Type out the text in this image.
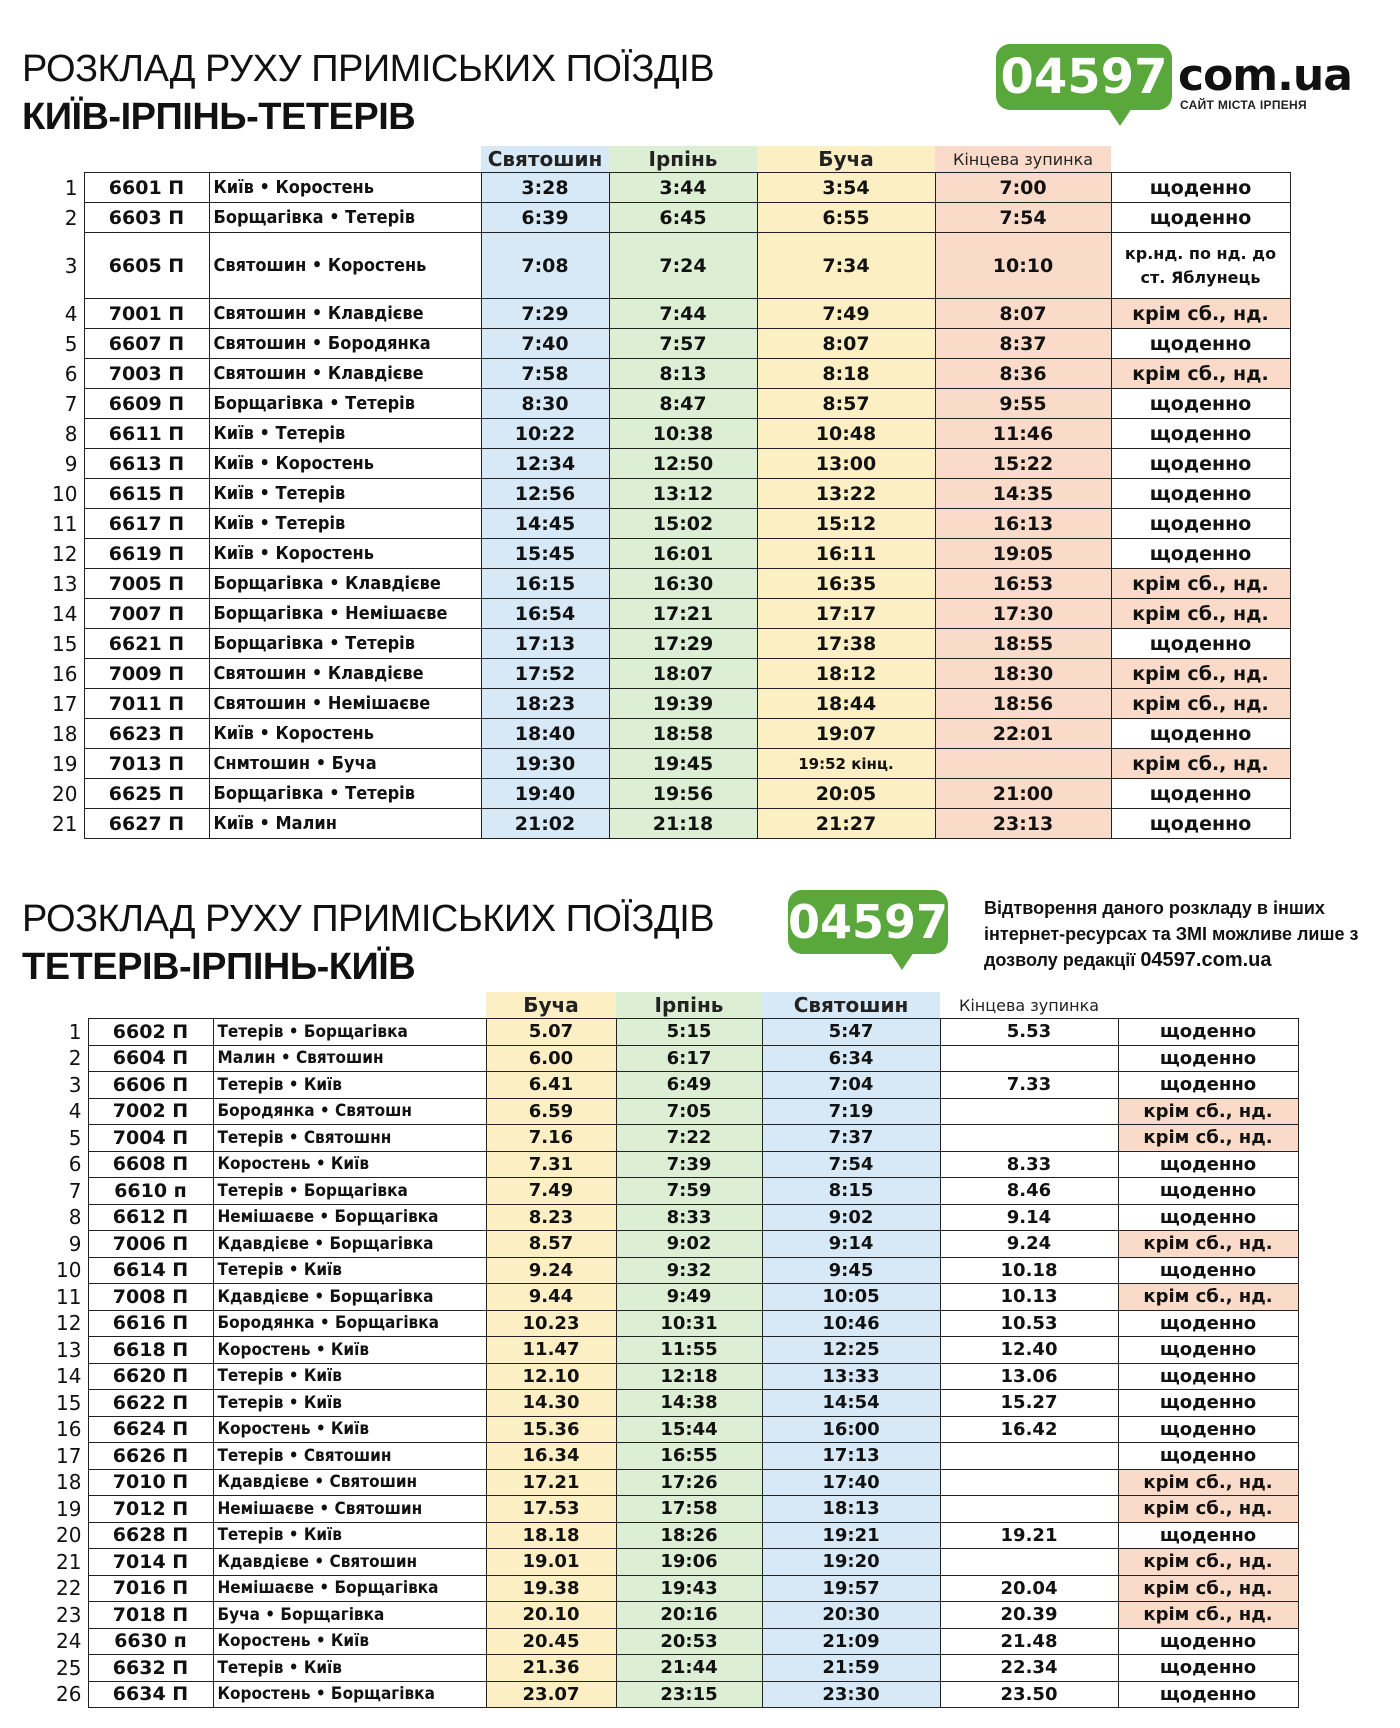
РОЗКЛАД РУХУ ПРИМІСЬКИХ ПОЇЗДІВ
КИЇВ-ІРПІНЬ-ТЕТЕРІВ
04597 com.ua
САЙТ МІСТА ІРПЕНЯ
			Святошин	Ірпінь	Буча	Кінцева зупинка	
1	6601 П	Київ • Коростень	3:28	3:44	3:54	7:00	щоденно
2	6603 П	Борщагівка • Тетерів	6:39	6:45	6:55	7:54	щоденно
3	6605 П	Святошин • Коростень	7:08	7:24	7:34	10:10	кр.нд. по нд. до ст. Яблунець
4	7001 П	Святошин • Клавдієве	7:29	7:44	7:49	8:07	крім сб., нд.
5	6607 П	Святошин • Бородянка	7:40	7:57	8:07	8:37	щоденно
6	7003 П	Святошин • Клавдієве	7:58	8:13	8:18	8:36	крім сб., нд.
7	6609 П	Борщагівка • Тетерів	8:30	8:47	8:57	9:55	щоденно
8	6611 П	Київ • Тетерів	10:22	10:38	10:48	11:46	щоденно
9	6613 П	Київ • Коростень	12:34	12:50	13:00	15:22	щоденно
10	6615 П	Київ • Тетерів	12:56	13:12	13:22	14:35	щоденно
11	6617 П	Київ • Тетерів	14:45	15:02	15:12	16:13	щоденно
12	6619 П	Київ • Коростень	15:45	16:01	16:11	19:05	щоденно
13	7005 П	Борщагівка • Клавдієве	16:15	16:30	16:35	16:53	крім сб., нд.
14	7007 П	Борщагівка • Немішаєве	16:54	17:21	17:17	17:30	крім сб., нд.
15	6621 П	Борщагівка • Тетерів	17:13	17:29	17:38	18:55	щоденно
16	7009 П	Святошин • Клавдієве	17:52	18:07	18:12	18:30	крім сб., нд.
17	7011 П	Святошин • Немішаєве	18:23	19:39	18:44	18:56	крім сб., нд.
18	6623 П	Київ • Коростень	18:40	18:58	19:07	22:01	щоденно
19	7013 П	Снмтошин • Буча	19:30	19:45	19:52 кінц.		крім сб., нд.
20	6625 П	Борщагівка • Тетерів	19:40	19:56	20:05	21:00	щоденно
21	6627 П	Київ • Малин	21:02	21:18	21:27	23:13	щоденно
РОЗКЛАД РУХУ ПРИМІСЬКИХ ПОЇЗДІВ
ТЕТЕРІВ-ІРПІНЬ-КИЇВ
04597 Відтворення даного розкладу в інших інтернет-ресурсах та ЗМІ можливе лише з дозволу редакції 04597.com.ua
			Буча	Ірпінь	Святошин	Кінцева зупинка	
1	6602 П	Тетерів • Борщагівка	5.07	5:15	5:47	5.53	щоденно
2	6604 П	Малин • Святошин	6.00	6:17	6:34		щоденно
3	6606 П	Тетерів • Київ	6.41	6:49	7:04	7.33	щоденно
4	7002 П	Бородянка • Святошн	6.59	7:05	7:19		крім сб., нд.
5	7004 П	Тетерів • Святошнн	7.16	7:22	7:37		крім сб., нд.
6	6608 П	Коростень • Київ	7.31	7:39	7:54	8.33	щоденно
7	6610 п	Тетерів • Борщагівка	7.49	7:59	8:15	8.46	щоденно
8	6612 П	Немішаєве • Борщагівка	8.23	8:33	9:02	9.14	щоденно
9	7006 П	Кдавдієве • Борщагівка	8.57	9:02	9:14	9.24	крім сб., нд.
10	6614 П	Тетерів • Київ	9.24	9:32	9:45	10.18	щоденно
11	7008 П	Кдавдієве • Борщагівка	9.44	9:49	10:05	10.13	крім сб., нд.
12	6616 П	Бородянка • Борщагівка	10.23	10:31	10:46	10.53	щоденно
13	6618 П	Коростень • Київ	11.47	11:55	12:25	12.40	щоденно
14	6620 П	Тетерів • Київ	12.10	12:18	13:33	13.06	щоденно
15	6622 П	Тетерів • Київ	14.30	14:38	14:54	15.27	щоденно
16	6624 П	Коростень • Київ	15.36	15:44	16:00	16.42	щоденно
17	6626 П	Тетерів • Святошин	16.34	16:55	17:13		щоденно
18	7010 П	Кдавдієве • Святошин	17.21	17:26	17:40		крім сб., нд.
19	7012 П	Немішаєве • Святошин	17.53	17:58	18:13		крім сб., нд.
20	6628 П	Тетерів • Київ	18.18	18:26	19:21	19.21	щоденно
21	7014 П	Кдавдієве • Святошин	19.01	19:06	19:20		крім сб., нд.
22	7016 П	Немішаєве • Борщагівка	19.38	19:43	19:57	20.04	крім сб., нд.
23	7018 П	Буча • Борщагівка	20.10	20:16	20:30	20.39	крім сб., нд.
24	6630 п	Коростень • Київ	20.45	20:53	21:09	21.48	щоденно
25	6632 П	Тетерів • Київ	21.36	21:44	21:59	22.34	щоденно
26	6634 П	Коростень • Борщагівка	23.07	23:15	23:30	23.50	щоденно
